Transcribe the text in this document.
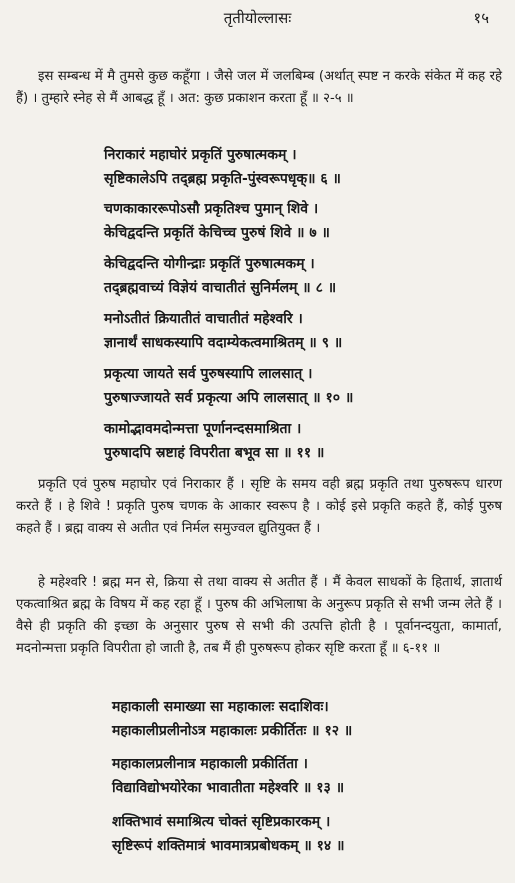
तृतीयोल्लासः	१५
इस सम्बन्ध में मै तुमसे कुछ कहूँगा । जैसे जल में जलबिम्ब (अर्थात् स्पष्ट न करके संकेत में कह रहे हैं) । तुम्हारे स्नेह से मैं आबद्ध हूँ । अत: कुछ प्रकाशन करता हूँ ॥ २-५ ॥
निराकारं महाघोरं प्रकृतिं पुरुषात्मकम् ।
सृष्टिकालेऽपि तद्ब्रह्म प्रकृति-पुंस्वरूपधृक्॥ ६ ॥
चणकाकाररूपोऽसौ प्रकृतिश्च पुमान् शिवे ।
केचिद्वदन्ति प्रकृतिं केचिच्च पुरुषं शिवे ॥ ७ ॥
केचिद्वदन्ति योगीन्द्राः प्रकृतिं पुरुषात्मकम् ।
तद्ब्रह्मवाच्यं विज्ञेयं वाचातीतं सुनिर्मलम् ॥ ८ ॥
मनोऽतीतं क्रियातीतं वाचातीतं महेश्वरि ।
ज्ञानार्थं साधकस्यापि वदाम्येकत्वमाश्रितम् ॥ ९ ॥
प्रकृत्या जायते सर्व पुरुषस्यापि लालसात् ।
पुरुषाज्जायते सर्व प्रकृत्या अपि लालसात् ॥ १० ॥
कामोद्भावमदोन्मत्ता पूर्णानन्दसमाश्रिता ।
पुरुषादपि स्रष्टाहं विपरीता बभूव सा ॥ ११ ॥
प्रकृति एवं पुरुष महाघोर एवं निराकार हैं । सृष्टि के समय वही ब्रह्म प्रकृति तथा पुरुषरूप धारण करते हैं । हे शिवे ! प्रकृति पुरुष चणक के आकार स्वरूप है । कोई इसे प्रकृति कहते हैं, कोई पुरुष कहते हैं । ब्रह्म वाक्य से अतीत एवं निर्मल समुज्वल द्युतियुक्त हैं ।
हे महेश्वरि ! ब्रह्म मन से, क्रिया से तथा वाक्य से अतीत हैं । मैं केवल साधकों के हितार्थ, ज्ञातार्थ एकत्वाश्रित ब्रह्म के विषय में कह रहा हूँ । पुरुष की अभिलाषा के अनुरूप प्रकृति से सभी जन्म लेते हैं । वैसे ही प्रकृति की इच्छा के अनुसार पुरुष से सभी की उत्पत्ति होती है । पूर्वानन्दयुता, कामार्ता, मदनोन्मत्ता प्रकृति विपरीता हो जाती है, तब मैं ही पुरुषरूप होकर सृष्टि करता हूँ ॥ ६-११ ॥
महाकाली समाख्या सा महाकालः सदाशिवः।
महाकालीप्रलीनोऽत्र महाकालः प्रकीर्तितः ॥ १२ ॥
महाकालप्रलीनात्र महाकाली प्रकीर्तिता ।
विद्याविद्योभयोरेका भावातीता महेश्वरि ॥ १३ ॥
शक्तिभावं समाश्रित्य चोक्तं सृष्टिप्रकारकम् ।
सृष्टिरूपं शक्तिमात्रं भावमात्रप्रबोधकम् ॥ १४ ॥
